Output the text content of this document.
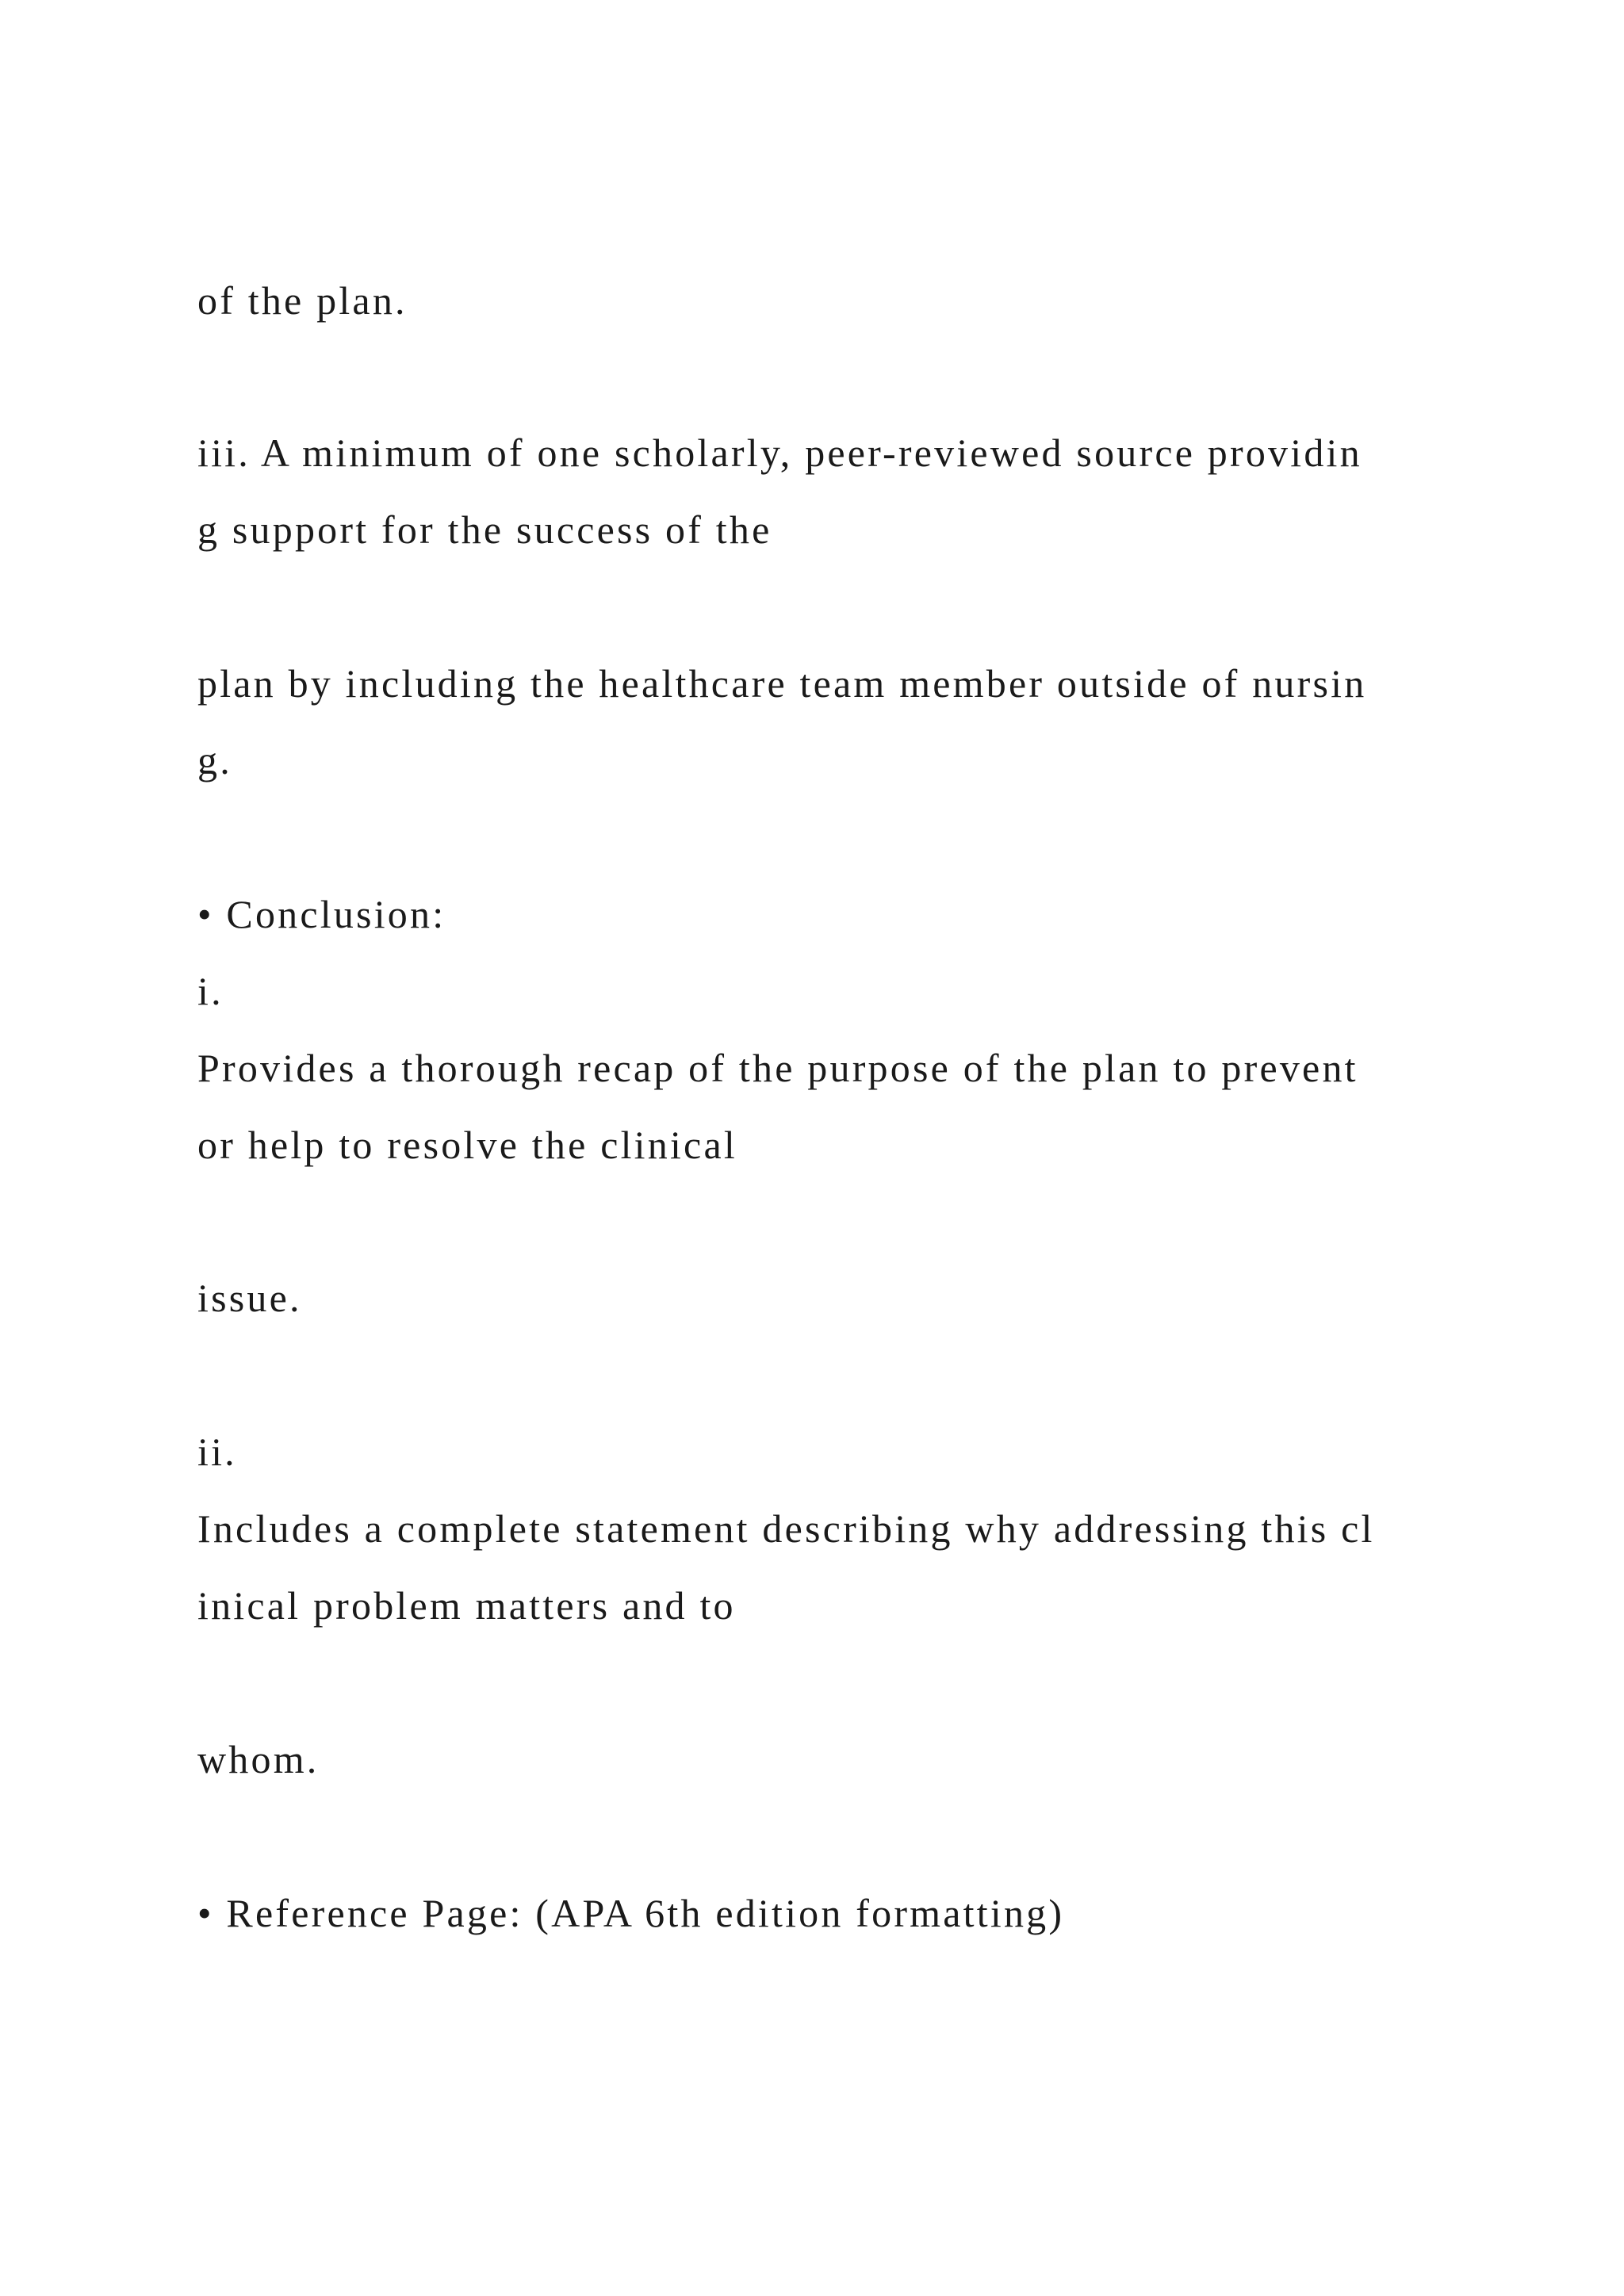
of the plan.
iii. A minimum of one scholarly, peer-reviewed source providin
g support for the success of the
plan by including the healthcare team member outside of nursin
g.
• Conclusion:
i.
Provides a thorough recap of the purpose of the plan to prevent
or help to resolve the clinical
issue.
ii.
Includes a complete statement describing why addressing this cl
inical problem matters and to
whom.
• Reference Page: (APA 6th edition formatting)
